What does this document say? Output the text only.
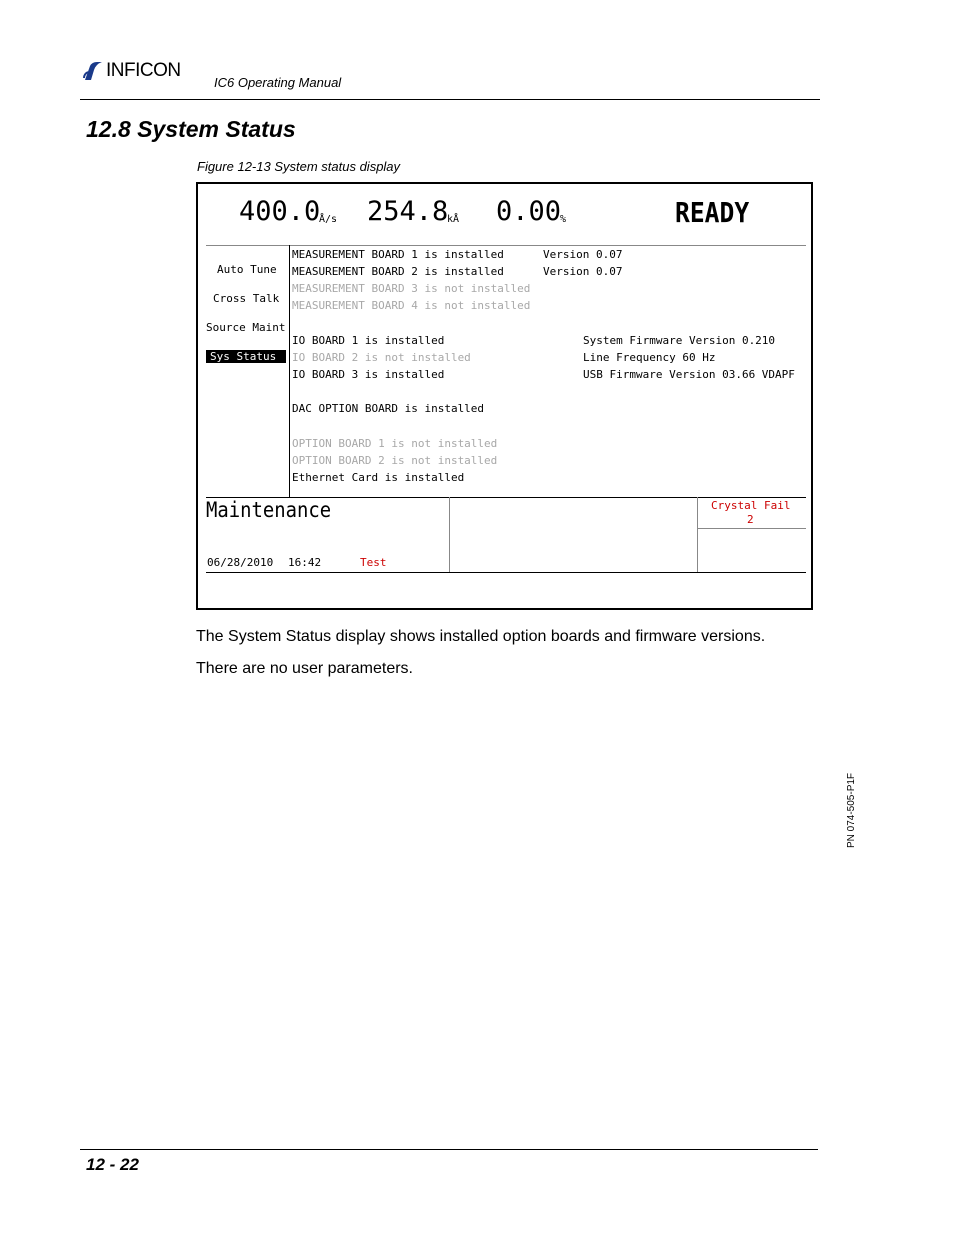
INFICON
IC6 Operating Manual
12.8 System Status
Figure 12-13 System status display
400.0
Å/s 254.8
kÅ 0.00
%	READY
Auto Tune
Cross Talk
Source Maint
Sys Status
MEASUREMENT BOARD 1 is installed
MEASUREMENT BOARD 2 is installed
MEASUREMENT BOARD 3 is not installed
MEASUREMENT BOARD 4 is not installed
IO BOARD 1 is installed
IO BOARD 2 is not installed
IO BOARD 3 is installed
DAC OPTION BOARD is installed
OPTION BOARD 1 is not installed
OPTION BOARD 2 is not installed
Ethernet Card is installed
Version 0.07
Version 0.07
System Firmware Version 0.210
Line Frequency 60 Hz
USB Firmware Version 03.66 VDAPF
Maintenance
06/28/2010 16:42	Test
Crystal Fail
2
The System Status display shows installed option boards and firmware versions.
There are no user parameters.
PN 074-505-P1F
12 - 22
